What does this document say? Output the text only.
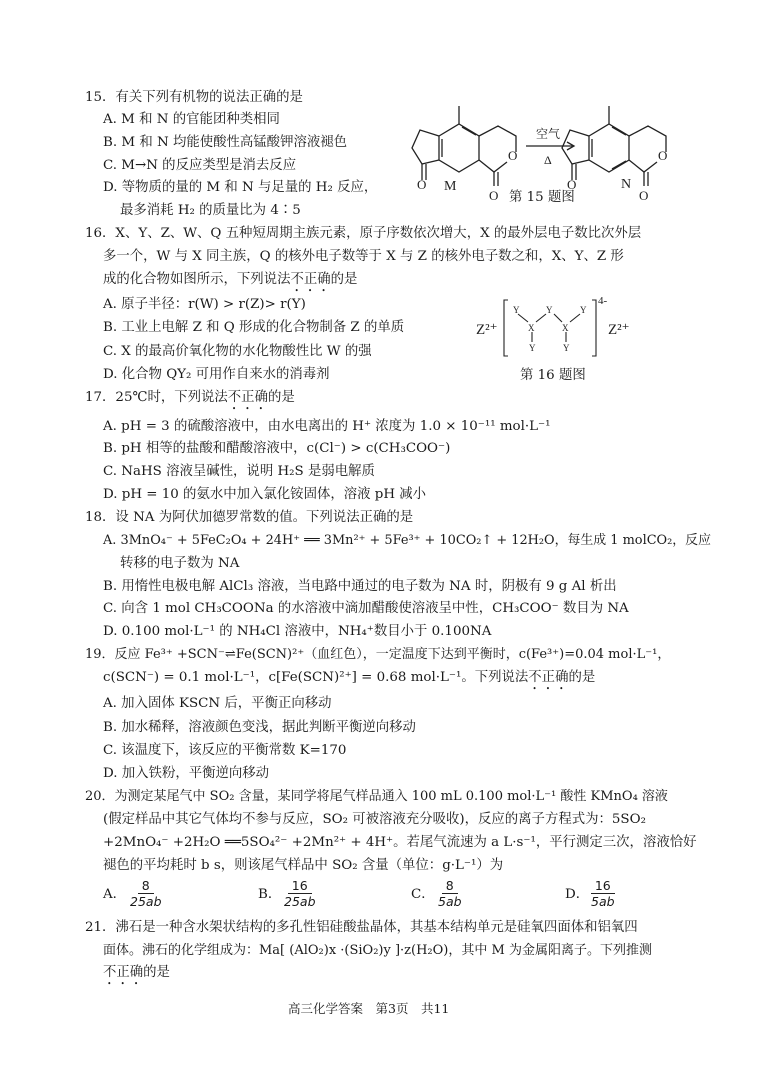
15．有关下列有机物的说法正确的是
A. M 和 N 的官能团种类相同
B. M 和 N 均能使酸性高锰酸钾溶液褪色
C. M→N 的反应类型是消去反应
D. 等物质的量的 M 和 N 与足量的 H₂ 反应，
最多消耗 H₂ 的质量比为 4∶5
O
O
O
O
O
O
M	N
空气
Δ
第 15 题图
16．X、Y、Z、W、Q 五种短周期主族元素，原子序数依次增大，X 的最外层电子数比次外层
多一个，W 与 X 同主族，Q 的核外电子数等于 X 与 Z 的核外电子数之和，X、Y、Z 形
成的化合物如图所示，下列说法不正确的是
A. 原子半径：r(W) > r(Z)> r(Y)
B. 工业上电解 Z 和 Q 形成的化合物制备 Z 的单质
C. X 的最高价氧化物的水化物酸性比 W 的强
D. 化合物 QY₂ 可用作自来水的消毒剂
Z²⁺	Z²⁺
4-
Y
X
Y
X
Y
Y	Y
第 16 题图
17．25℃时，下列说法不正确的是
A. pH = 3 的硫酸溶液中，由水电离出的 H⁺ 浓度为 1.0 × 10⁻¹¹ mol·L⁻¹
B. pH 相等的盐酸和醋酸溶液中，c(Cl⁻) > c(CH₃COO⁻)
C. NaHS 溶液呈碱性，说明 H₂S 是弱电解质
D. pH = 10 的氨水中加入氯化铵固体，溶液 pH 减小
18．设 NA 为阿伏加德罗常数的值。下列说法正确的是
A. 3MnO₄⁻ + 5FeC₂O₄ + 24H⁺ ══ 3Mn²⁺ + 5Fe³⁺ + 10CO₂↑ + 12H₂O，每生成 1 molCO₂，反应
转移的电子数为 NA
B. 用惰性电极电解 AlCl₃ 溶液，当电路中通过的电子数为 NA 时，阴极有 9 g Al 析出
C. 向含 1 mol CH₃COONa 的水溶液中滴加醋酸使溶液呈中性，CH₃COO⁻ 数目为 NA
D. 0.100 mol·L⁻¹ 的 NH₄Cl 溶液中，NH₄⁺数目小于 0.100NA
19．反应 Fe³⁺ +SCN⁻⇌Fe(SCN)²⁺（血红色），一定温度下达到平衡时，c(Fe³⁺)=0.04 mol·L⁻¹，
c(SCN⁻) = 0.1 mol·L⁻¹，c[Fe(SCN)²⁺] = 0.68 mol·L⁻¹。下列说法不正确的是
A. 加入固体 KSCN 后，平衡正向移动
B. 加水稀释，溶液颜色变浅，据此判断平衡逆向移动
C. 该温度下，该反应的平衡常数 K=170
D. 加入铁粉，平衡逆向移动
20．为测定某尾气中 SO₂ 含量，某同学将尾气样品通入 100 mL 0.100 mol·L⁻¹ 酸性 KMnO₄ 溶液
(假定样品中其它气体均不参与反应，SO₂ 可被溶液充分吸收)，反应的离子方程式为：5SO₂
+2MnO₄⁻ +2H₂O ══5SO₄²⁻ +2Mn²⁺ + 4H⁺。若尾气流速为 a L·s⁻¹，平行测定三次，溶液恰好
褪色的平均耗时 b s，则该尾气样品中 SO₂ 含量（单位：g·L⁻¹）为
A． $\frac{8}{25ab}$	B．
$\frac{16}{25ab}$	C． $\frac{8}{5ab}$	D．
$\frac{16}{5ab}$
21．沸石是一种含水架状结构的多孔性铝硅酸盐晶体，其基本结构单元是硅氧四面体和铝氧四
面体。沸石的化学组成为：Ma[ (AlO₂)x ·(SiO₂)y ]·z(H₂O)，其中 M 为金属阳离子。下列推测
不正确的是
高三化学答案　第3页　共11
